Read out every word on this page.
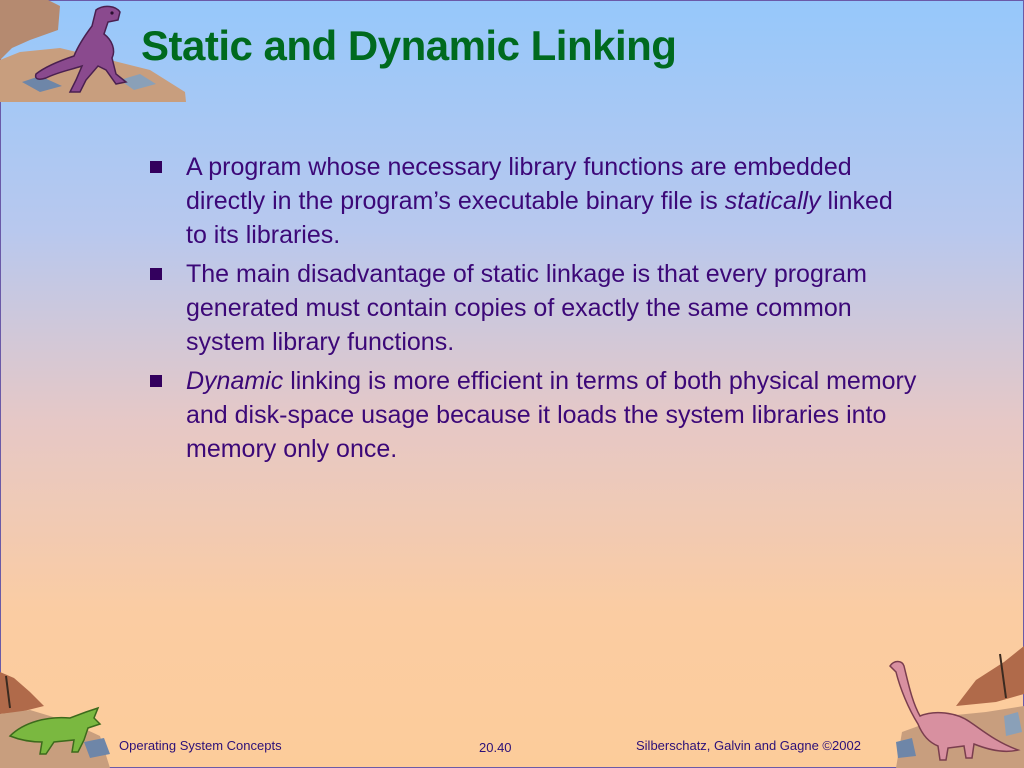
Static and Dynamic Linking
A program whose necessary library functions are embedded directly in the program’s executable binary file is statically linked to its libraries.
The main disadvantage of static linkage is that every program generated must contain copies of exactly the same common system library functions.
Dynamic linking is more efficient in terms of both physical memory and disk-space usage because it loads the system libraries into memory only once.
Operating System Concepts	20.40	Silberschatz, Galvin and Gagne ©2002
